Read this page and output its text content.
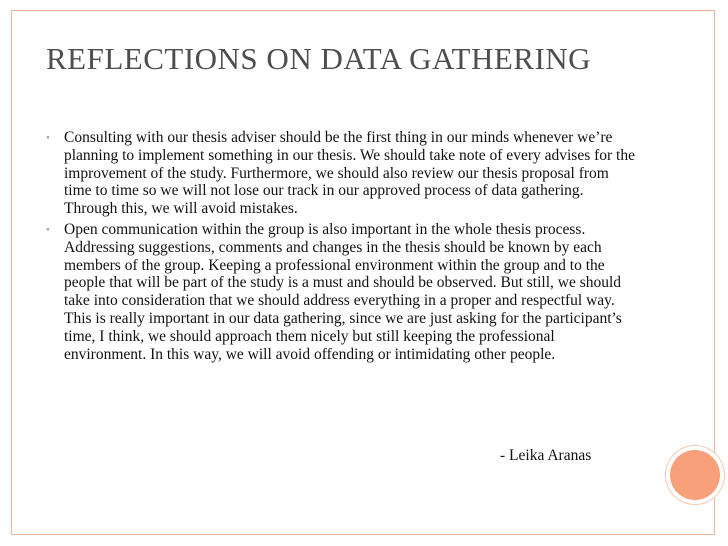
REFLECTIONS ON DATA GATHERING
• Consulting with our thesis adviser should be the first thing in our minds whenever we’re planning to implement something in our thesis. We should take note of every advises for the improvement of the study. Furthermore, we should also review our thesis proposal from time to time so we will not lose our track in our approved process of data gathering. Through this, we will avoid mistakes.
• Open communication within the group is also important in the whole thesis process. Addressing suggestions, comments and changes in the thesis should be known by each members of the group. Keeping a professional environment within the group and to the people that will be part of the study is a must and should be observed. But still, we should take into consideration that we should address everything in a proper and respectful way. This is really important in our data gathering, since we are just asking for the participant’s time, I think, we should approach them nicely but still keeping the professional environment. In this way, we will avoid offending or intimidating other people.
- Leika Aranas
